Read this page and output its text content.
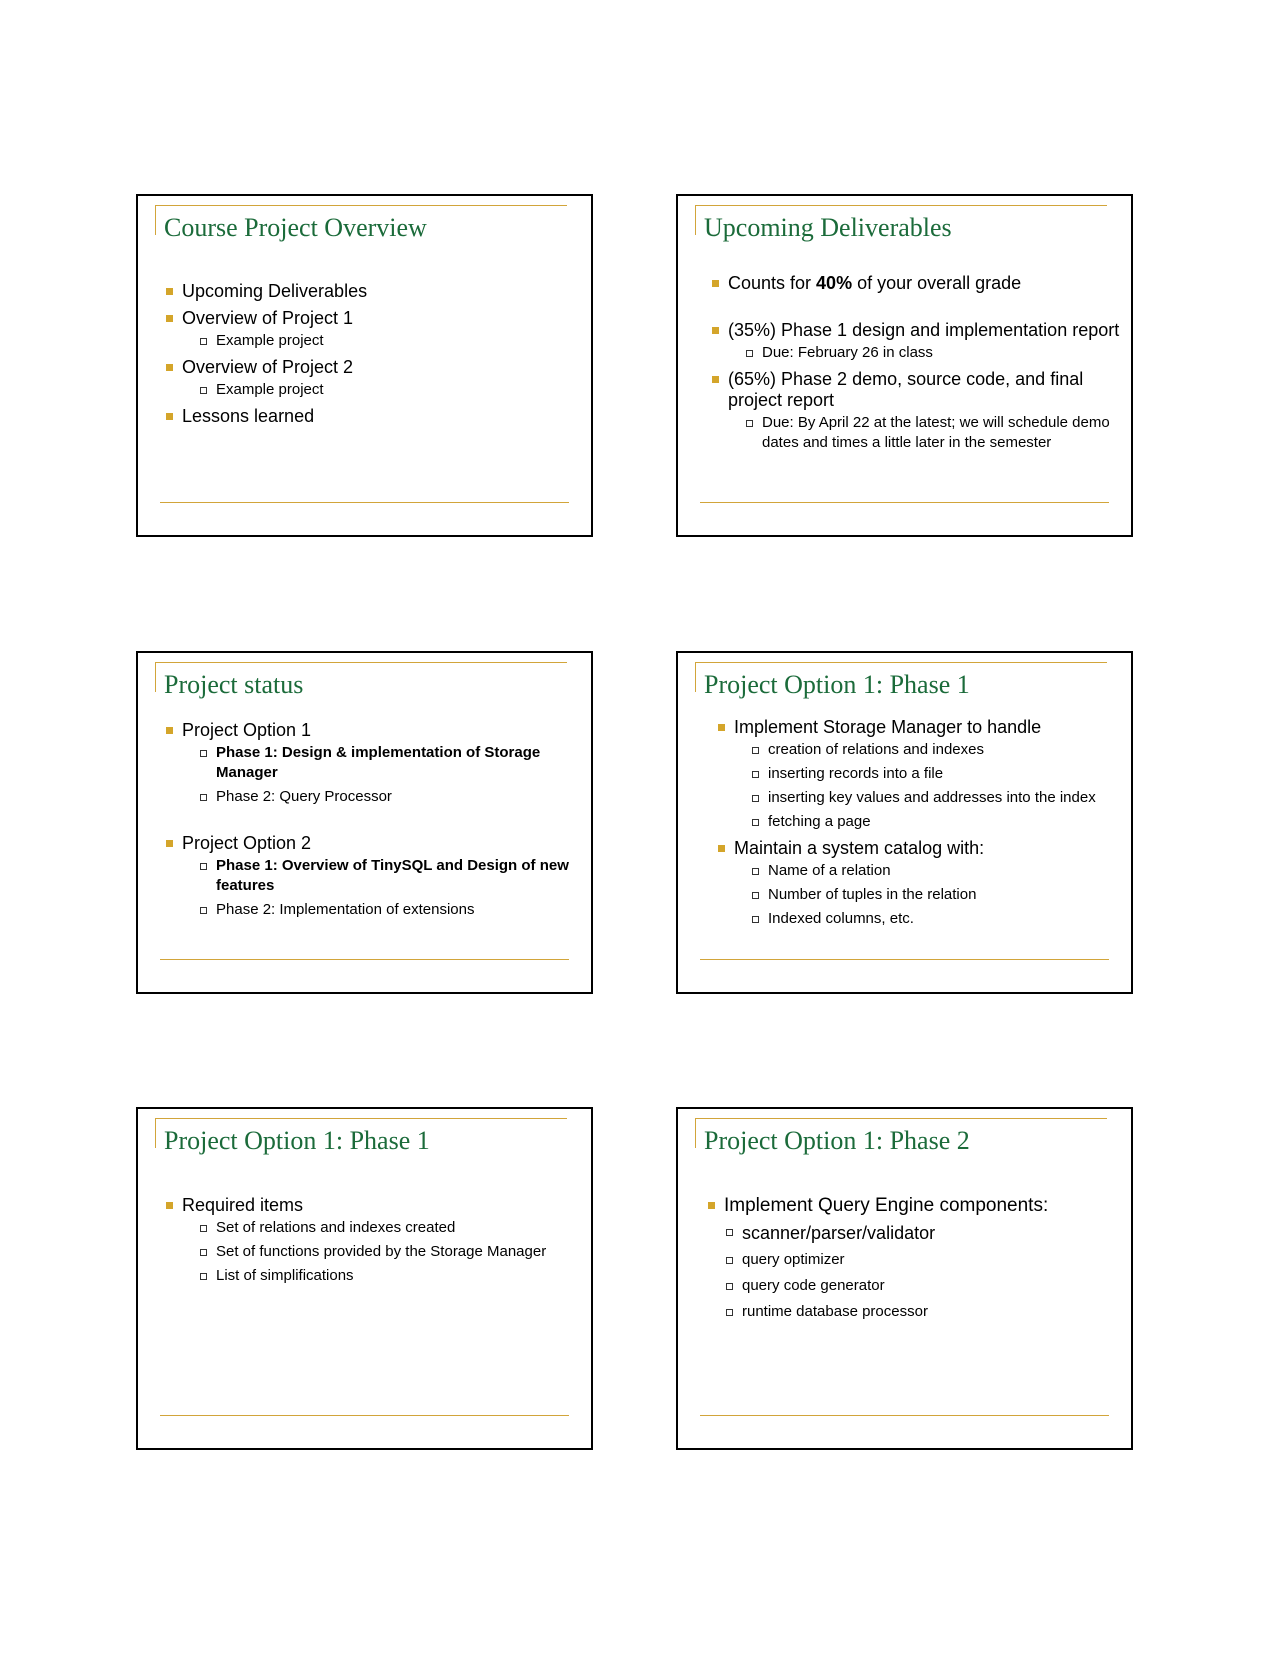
Course Project Overview
Upcoming Deliverables
Overview of Project 1
Example project
Overview of Project 2
Example project
Lessons learned
Upcoming Deliverables
Counts for 40% of your overall grade
(35%) Phase 1 design and implementation report
Due: February 26 in class
(65%) Phase 2 demo, source code, and final project report
Due: By April 22 at the latest; we will schedule demo dates and times a little later in the semester
Project status
Project Option 1
Phase 1: Design & implementation of Storage Manager
Phase 2: Query Processor
Project Option 2
Phase 1: Overview of TinySQL and Design of new features
Phase 2: Implementation of extensions
Project Option 1: Phase 1
Implement Storage Manager to handle
creation of relations and indexes
inserting records into a file
inserting key values and addresses into the index
fetching a page
Maintain a system catalog with:
Name of a relation
Number of tuples in the relation
Indexed columns, etc.
Project Option 1: Phase 1
Required items
Set of relations and indexes created
Set of functions provided by the Storage Manager
List of simplifications
Project Option 1: Phase 2
Implement Query Engine components:
scanner/parser/validator
query optimizer
query code generator
runtime database processor
